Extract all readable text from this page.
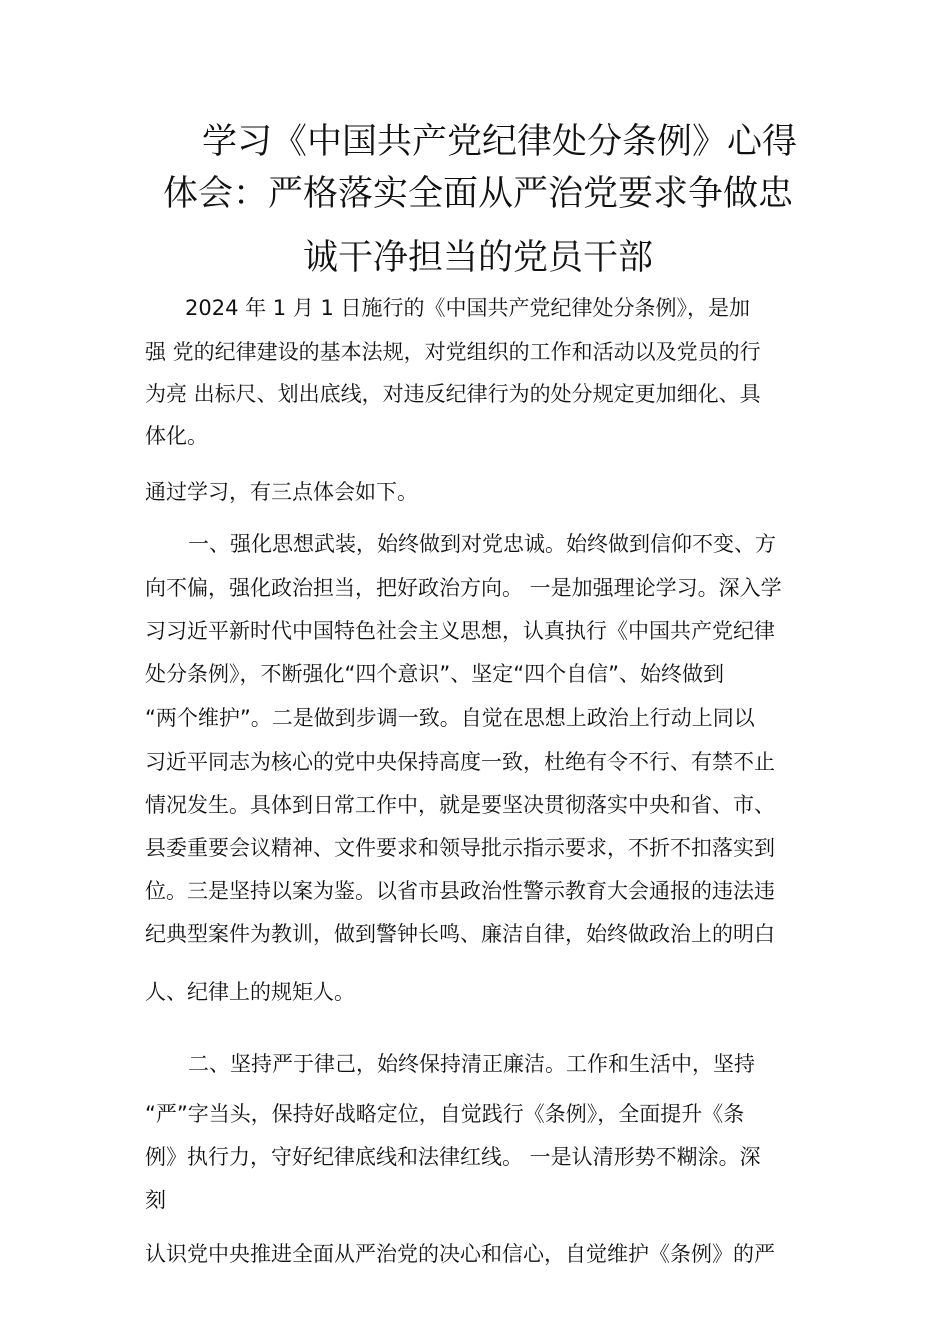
学习《中国共产党纪律处分条例》心得
体会：严格落实全面从严治党要求争做忠
诚干净担当的党员干部
2024 年 1 月 1 日施行的《中国共产党纪律处分条例》，是加
强 党的纪律建设的基本法规，对党组织的工作和活动以及党员的行
为亮 出标尺、划出底线，对违反纪律行为的处分规定更加细化、具
体化。
通过学习，有三点体会如下。
一、强化思想武装，始终做到对党忠诚。始终做到信仰不变、方
向不偏，强化政治担当，把好政治方向。 一是加强理论学习。深入学
习习近平新时代中国特色社会主义思想，认真执行《中国共产党纪律
处分条例》，不断强化“四个意识”、坚定“四个自信”、始终做到
“两个维护”。二是做到步调一致。自觉在思想上政治上行动上同以
习近平同志为核心的党中央保持高度一致，杜绝有令不行、有禁不止
情况发生。具体到日常工作中，就是要坚决贯彻落实中央和省、市、
县委重要会议精神、文件要求和领导批示指示要求，不折不扣落实到
位。三是坚持以案为鉴。以省市县政治性警示教育大会通报的违法违
纪典型案件为教训，做到警钟长鸣、廉洁自律，始终做政治上的明白
人、纪律上的规矩人。
二、坚持严于律己，始终保持清正廉洁。工作和生活中，坚持
“严”字当头，保持好战略定位，自觉践行《条例》，全面提升《条
例》执行力，守好纪律底线和法律红线。 一是认清形势不糊涂。深
刻
认识党中央推进全面从严治党的决心和信心，自觉维护《条例》的严
